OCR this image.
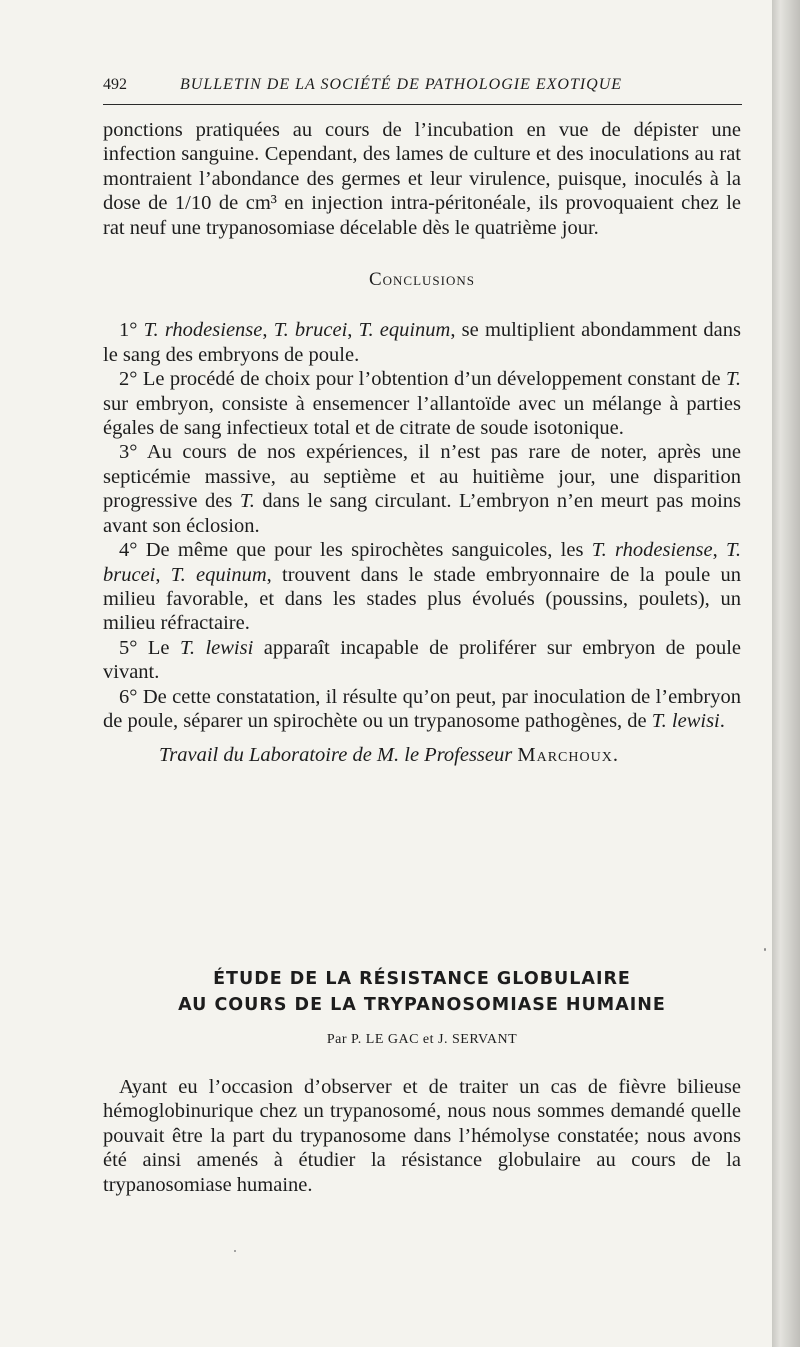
492	BULLETIN DE LA SOCIÉTÉ DE PATHOLOGIE EXOTIQUE

ponctions pratiquées au cours de l’incubation en vue de dépister une infection sanguine. Cependant, des lames de culture et des inoculations au rat montraient l’abondance des germes et leur virulence, puisque, inoculés à la dose de 1/10 de cm³ en injection intra-péritonéale, ils provoquaient chez le rat neuf une trypanosomiase décelable dès le quatrième jour.

Conclusions

1° T. rhodesiense, T. brucei, T. equinum, se multiplient abondamment dans le sang des embryons de poule.

2° Le procédé de choix pour l’obtention d’un développement constant de T. sur embryon, consiste à ensemencer l’allantoïde avec un mélange à parties égales de sang infectieux total et de citrate de soude isotonique.

3° Au cours de nos expériences, il n’est pas rare de noter, après une septicémie massive, au septième et au huitième jour, une disparition progressive des T. dans le sang circulant. L’embryon n’en meurt pas moins avant son éclosion.

4° De même que pour les spirochètes sanguicoles, les T. rhodesiense, T. brucei, T. equinum, trouvent dans le stade embryonnaire de la poule un milieu favorable, et dans les stades plus évolués (poussins, poulets), un milieu réfractaire.

5° Le T. lewisi apparaît incapable de proliférer sur embryon de poule vivant.

6° De cette constatation, il résulte qu’on peut, par inoculation de l’embryon de poule, séparer un spirochète ou un trypanosome pathogènes, de T. lewisi.

Travail du Laboratoire de M. le Professeur Marchoux.

ÉTUDE DE LA RÉSISTANCE GLOBULAIRE
AU COURS DE LA TRYPANOSOMIASE HUMAINE
Par P. LE GAC et J. SERVANT

Ayant eu l’occasion d’observer et de traiter un cas de fièvre bilieuse hémoglobinurique chez un trypanosomé, nous nous sommes demandé quelle pouvait être la part du trypanosome dans l’hémolyse constatée; nous avons été ainsi amenés à étudier la résistance globulaire au cours de la trypanosomiase humaine.
